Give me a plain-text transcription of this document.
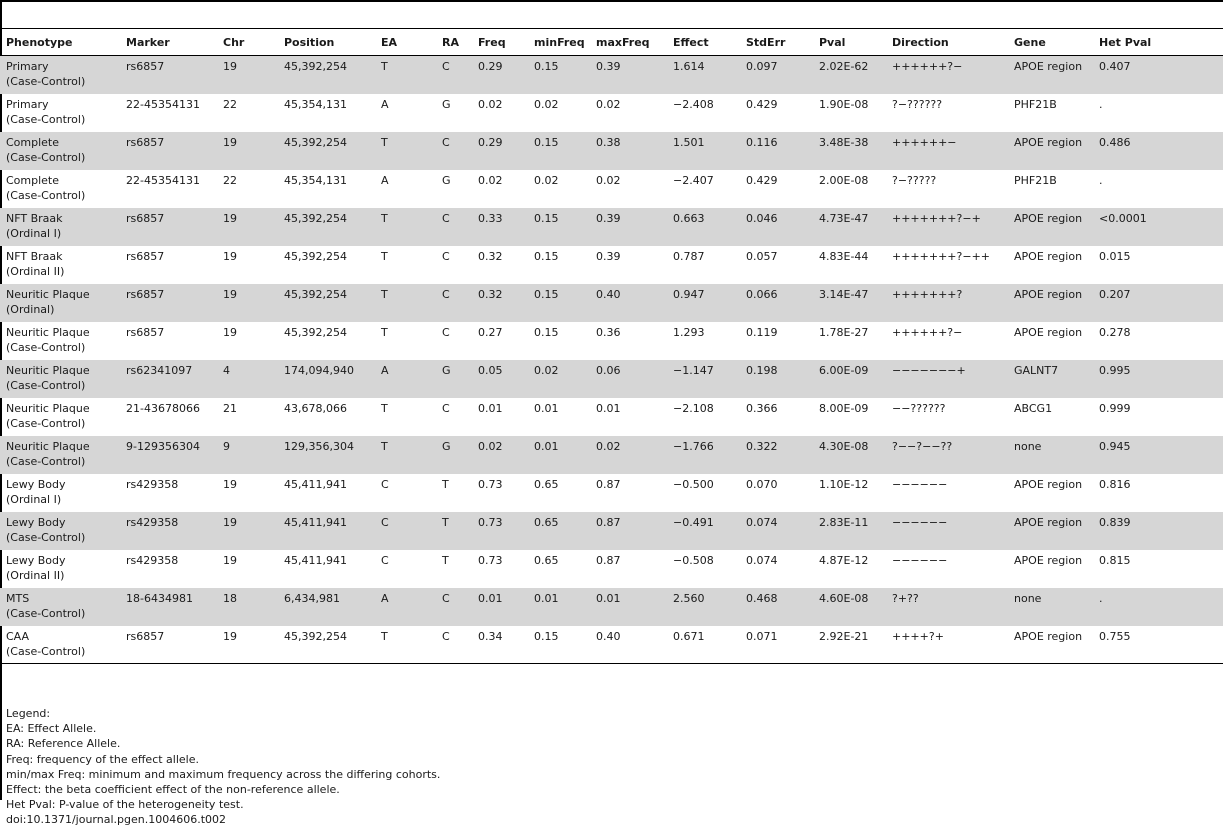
Phenotype	Marker	Chr	Position	EA	RA	Freq	minFreq	maxFreq	Effect	StdErr	Pval	Direction	Gene	Het Pval

Primary
(Case-Control)	rs6857	19	45,392,254	T	C	0.29	0.15	0.39	1.614	0.097	2.02E-62	++++++?−	APOE region	0.407

Primary
(Case-Control)	22-45354131	22	45,354,131	A	G	0.02	0.02	0.02	−2.408	0.429	1.90E-08	?−??????	PHF21B	.

Complete
(Case-Control)	rs6857	19	45,392,254	T	C	0.29	0.15	0.38	1.501	0.116	3.48E-38	++++++−	APOE region	0.486

Complete
(Case-Control)	22-45354131	22	45,354,131	A	G	0.02	0.02	0.02	−2.407	0.429	2.00E-08	?−?????	PHF21B	.

NFT Braak
(Ordinal I)	rs6857	19	45,392,254	T	C	0.33	0.15	0.39	0.663	0.046	4.73E-47	+++++++?−+	APOE region	<0.0001

NFT Braak
(Ordinal II)	rs6857	19	45,392,254	T	C	0.32	0.15	0.39	0.787	0.057	4.83E-44	+++++++?−++	APOE region	0.015

Neuritic Plaque
(Ordinal)	rs6857	19	45,392,254	T	C	0.32	0.15	0.40	0.947	0.066	3.14E-47	+++++++?	APOE region	0.207

Neuritic Plaque
(Case-Control)	rs6857	19	45,392,254	T	C	0.27	0.15	0.36	1.293	0.119	1.78E-27	++++++?−	APOE region	0.278

Neuritic Plaque
(Case-Control)	rs62341097	4	174,094,940	A	G	0.05	0.02	0.06	−1.147	0.198	6.00E-09	−−−−−−−+	GALNT7	0.995

Neuritic Plaque
(Case-Control)	21-43678066	21	43,678,066	T	C	0.01	0.01	0.01	−2.108	0.366	8.00E-09	−−??????	ABCG1	0.999

Neuritic Plaque
(Case-Control)	9-129356304	9	129,356,304	T	G	0.02	0.01	0.02	−1.766	0.322	4.30E-08	?−−?−−??	none	0.945

Lewy Body
(Ordinal I)	rs429358	19	45,411,941	C	T	0.73	0.65	0.87	−0.500	0.070	1.10E-12	−−−−−−	APOE region	0.816

Lewy Body
(Case-Control)	rs429358	19	45,411,941	C	T	0.73	0.65	0.87	−0.491	0.074	2.83E-11	−−−−−−	APOE region	0.839

Lewy Body
(Ordinal II)	rs429358	19	45,411,941	C	T	0.73	0.65	0.87	−0.508	0.074	4.87E-12	−−−−−−	APOE region	0.815

MTS
(Case-Control)	18-6434981	18	6,434,981	A	C	0.01	0.01	0.01	2.560	0.468	4.60E-08	?+??	none	.

CAA
(Case-Control)	rs6857	19	45,392,254	T	C	0.34	0.15	0.40	0.671	0.071	2.92E-21	++++?+	APOE region	0.755
Legend:
EA: Effect Allele.
RA: Reference Allele.
Freq: frequency of the effect allele.
min/max Freq: minimum and maximum frequency across the differing cohorts.
Effect: the beta coefficient effect of the non-reference allele.
Het Pval: P-value of the heterogeneity test.
doi:10.1371/journal.pgen.1004606.t002
